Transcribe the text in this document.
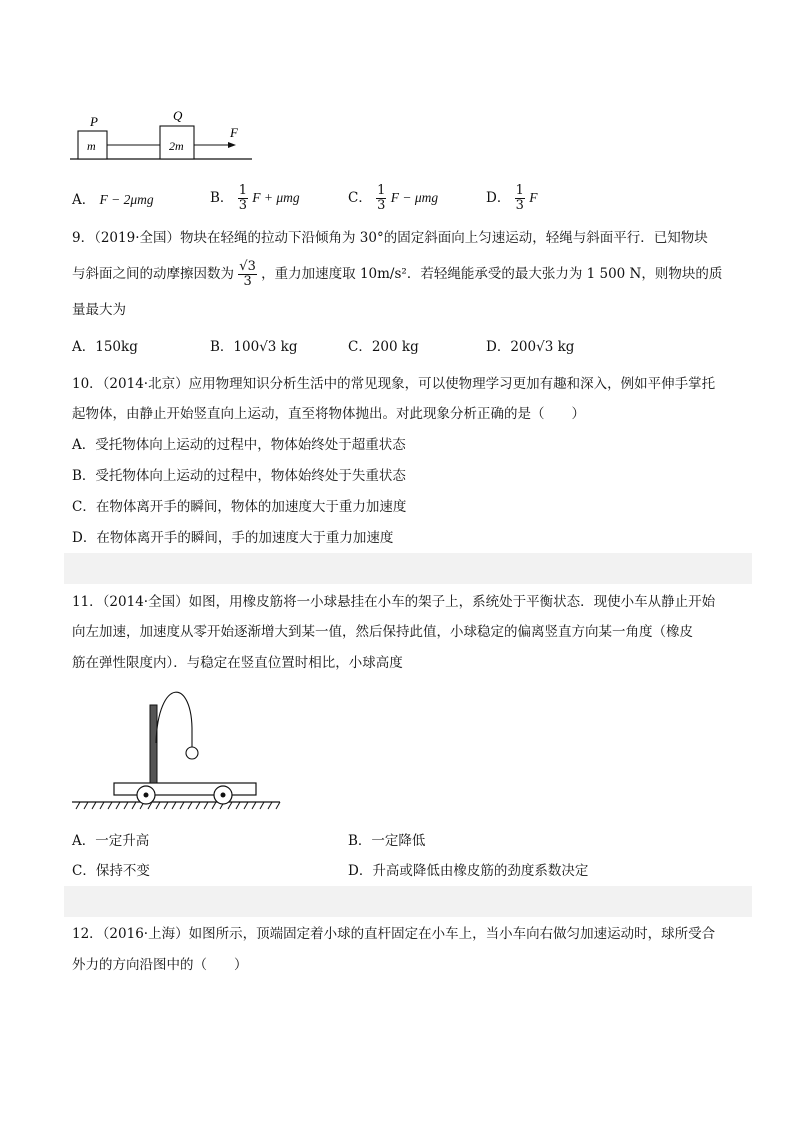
P	Q
m	2m
F
A． F − 2μmg	B． $\frac{1}{3}$ F + μmg	C． $\frac{1}{3}$ F − μmg	D． $\frac{1}{3}$ F
9．（2019·全国）物块在轻绳的拉动下沿倾角为 30°的固定斜面向上匀速运动，轻绳与斜面平行．已知物块
与斜面之间的动摩擦因数为 $\frac{√3}{3}$ ，重力加速度取 10m/s²．若轻绳能承受的最大张力为 1 500 N，则物块的质
量最大为
A．150kg	B．100√3 kg	C．200 kg	D．200√3 kg
10．（2014·北京）应用物理知识分析生活中的常见现象，可以使物理学习更加有趣和深入，例如平伸手掌托
起物体，由静止开始竖直向上运动，直至将物体抛出。对此现象分析正确的是（　　）
A．受托物体向上运动的过程中，物体始终处于超重状态
B．受托物体向上运动的过程中，物体始终处于失重状态
C．在物体离开手的瞬间，物体的加速度大于重力加速度
D．在物体离开手的瞬间，手的加速度大于重力加速度
11．（2014·全国）如图，用橡皮筋将一小球悬挂在小车的架子上，系统处于平衡状态．现使小车从静止开始
向左加速，加速度从零开始逐渐增大到某一值，然后保持此值，小球稳定的偏离竖直方向某一角度（橡皮
筋在弹性限度内）．与稳定在竖直位置时相比，小球高度
A．一定升高	B．一定降低
C．保持不变	D．升高或降低由橡皮筋的劲度系数决定
12．（2016·上海）如图所示，顶端固定着小球的直杆固定在小车上，当小车向右做匀加速运动时，球所受合
外力的方向沿图中的（　　）
